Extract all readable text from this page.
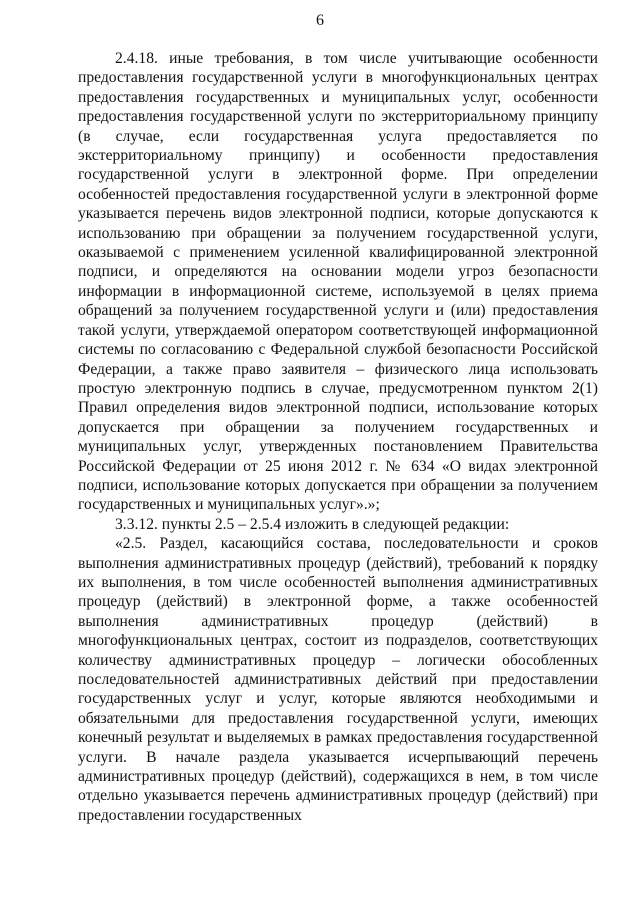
6

2.4.18. иные требования, в том числе учитывающие особенности предоставления государственной услуги в многофункциональных центрах предоставления государственных и муниципальных услуг, особенности предоставления государственной услуги по экстерриториальному принципу (в случае, если государственная услуга предоставляется по экстерриториальному принципу) и особенности предоставления государственной услуги в электронной форме. При определении особенностей предоставления государственной услуги в электронной форме указывается перечень видов электронной подписи, которые допускаются к использованию при обращении за получением государственной услуги, оказываемой с применением усиленной квалифицированной электронной подписи, и определяются на основании модели угроз безопасности информации в информационной системе, используемой в целях приема обращений за получением государственной услуги и (или) предоставления такой услуги, утверждаемой оператором соответствующей информационной системы по согласованию с Федеральной службой безопасности Российской Федерации, а также право заявителя – физического лица использовать простую электронную подпись в случае, предусмотренном пунктом 2(1) Правил определения видов электронной подписи, использование которых допускается при обращении за получением государственных и муниципальных услуг, утвержденных постановлением Правительства Российской Федерации от 25 июня 2012 г. № 634 «О видах электронной подписи, использование которых допускается при обращении за получением государственных и муниципальных услуг».»;

3.3.12. пункты 2.5 – 2.5.4 изложить в следующей редакции:

«2.5. Раздел, касающийся состава, последовательности и сроков выполнения административных процедур (действий), требований к порядку их выполнения, в том числе особенностей выполнения административных процедур (действий) в электронной форме, а также особенностей выполнения административных процедур (действий) в многофункциональных центрах, состоит из подразделов, соответствующих количеству административных процедур – логически обособленных последовательностей административных действий при предоставлении государственных услуг и услуг, которые являются необходимыми и обязательными для предоставления государственной услуги, имеющих конечный результат и выделяемых в рамках предоставления государственной услуги. В начале раздела указывается исчерпывающий перечень административных процедур (действий), содержащихся в нем, в том числе отдельно указывается перечень административных процедур (действий) при предоставлении государственных
